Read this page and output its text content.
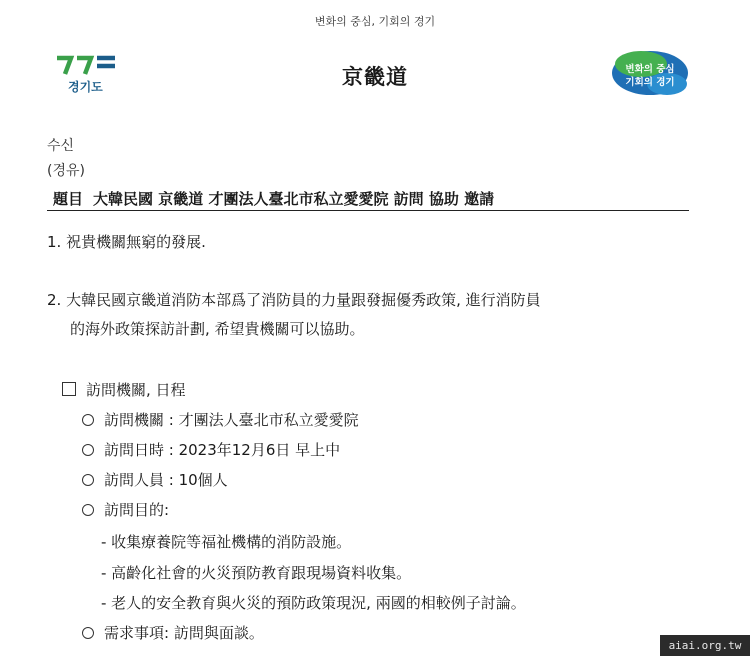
변화의 중심, 기회의 경기
경기도	京畿道	변화의 중심
기회의 경기
수신
(경유)
題目 大韓民國 京畿道 才團法人臺北市私立愛愛院 訪問 協助 邀請
1. 祝貴機關無窮的發展.
2. 大韓民國京畿道消防本部爲了消防員的力量跟發掘優秀政策, 進行消防員
的海外政策探訪計劃, 希望貴機關可以協助。
訪問機關, 日程
訪問機關 : 才團法人臺北市私立愛愛院
訪問日時 : 2023年12月6日 早上中
訪問人員 : 10個人
訪問目的:
- 收集療養院等福祉機構的消防設施。
- 高齡化社會的火災預防教育跟現場資料收集。
- 老人的安全教育與火災的預防政策現況, 兩國的相較例子討論。
需求事項: 訪問與面談。
aiai.org.tw
